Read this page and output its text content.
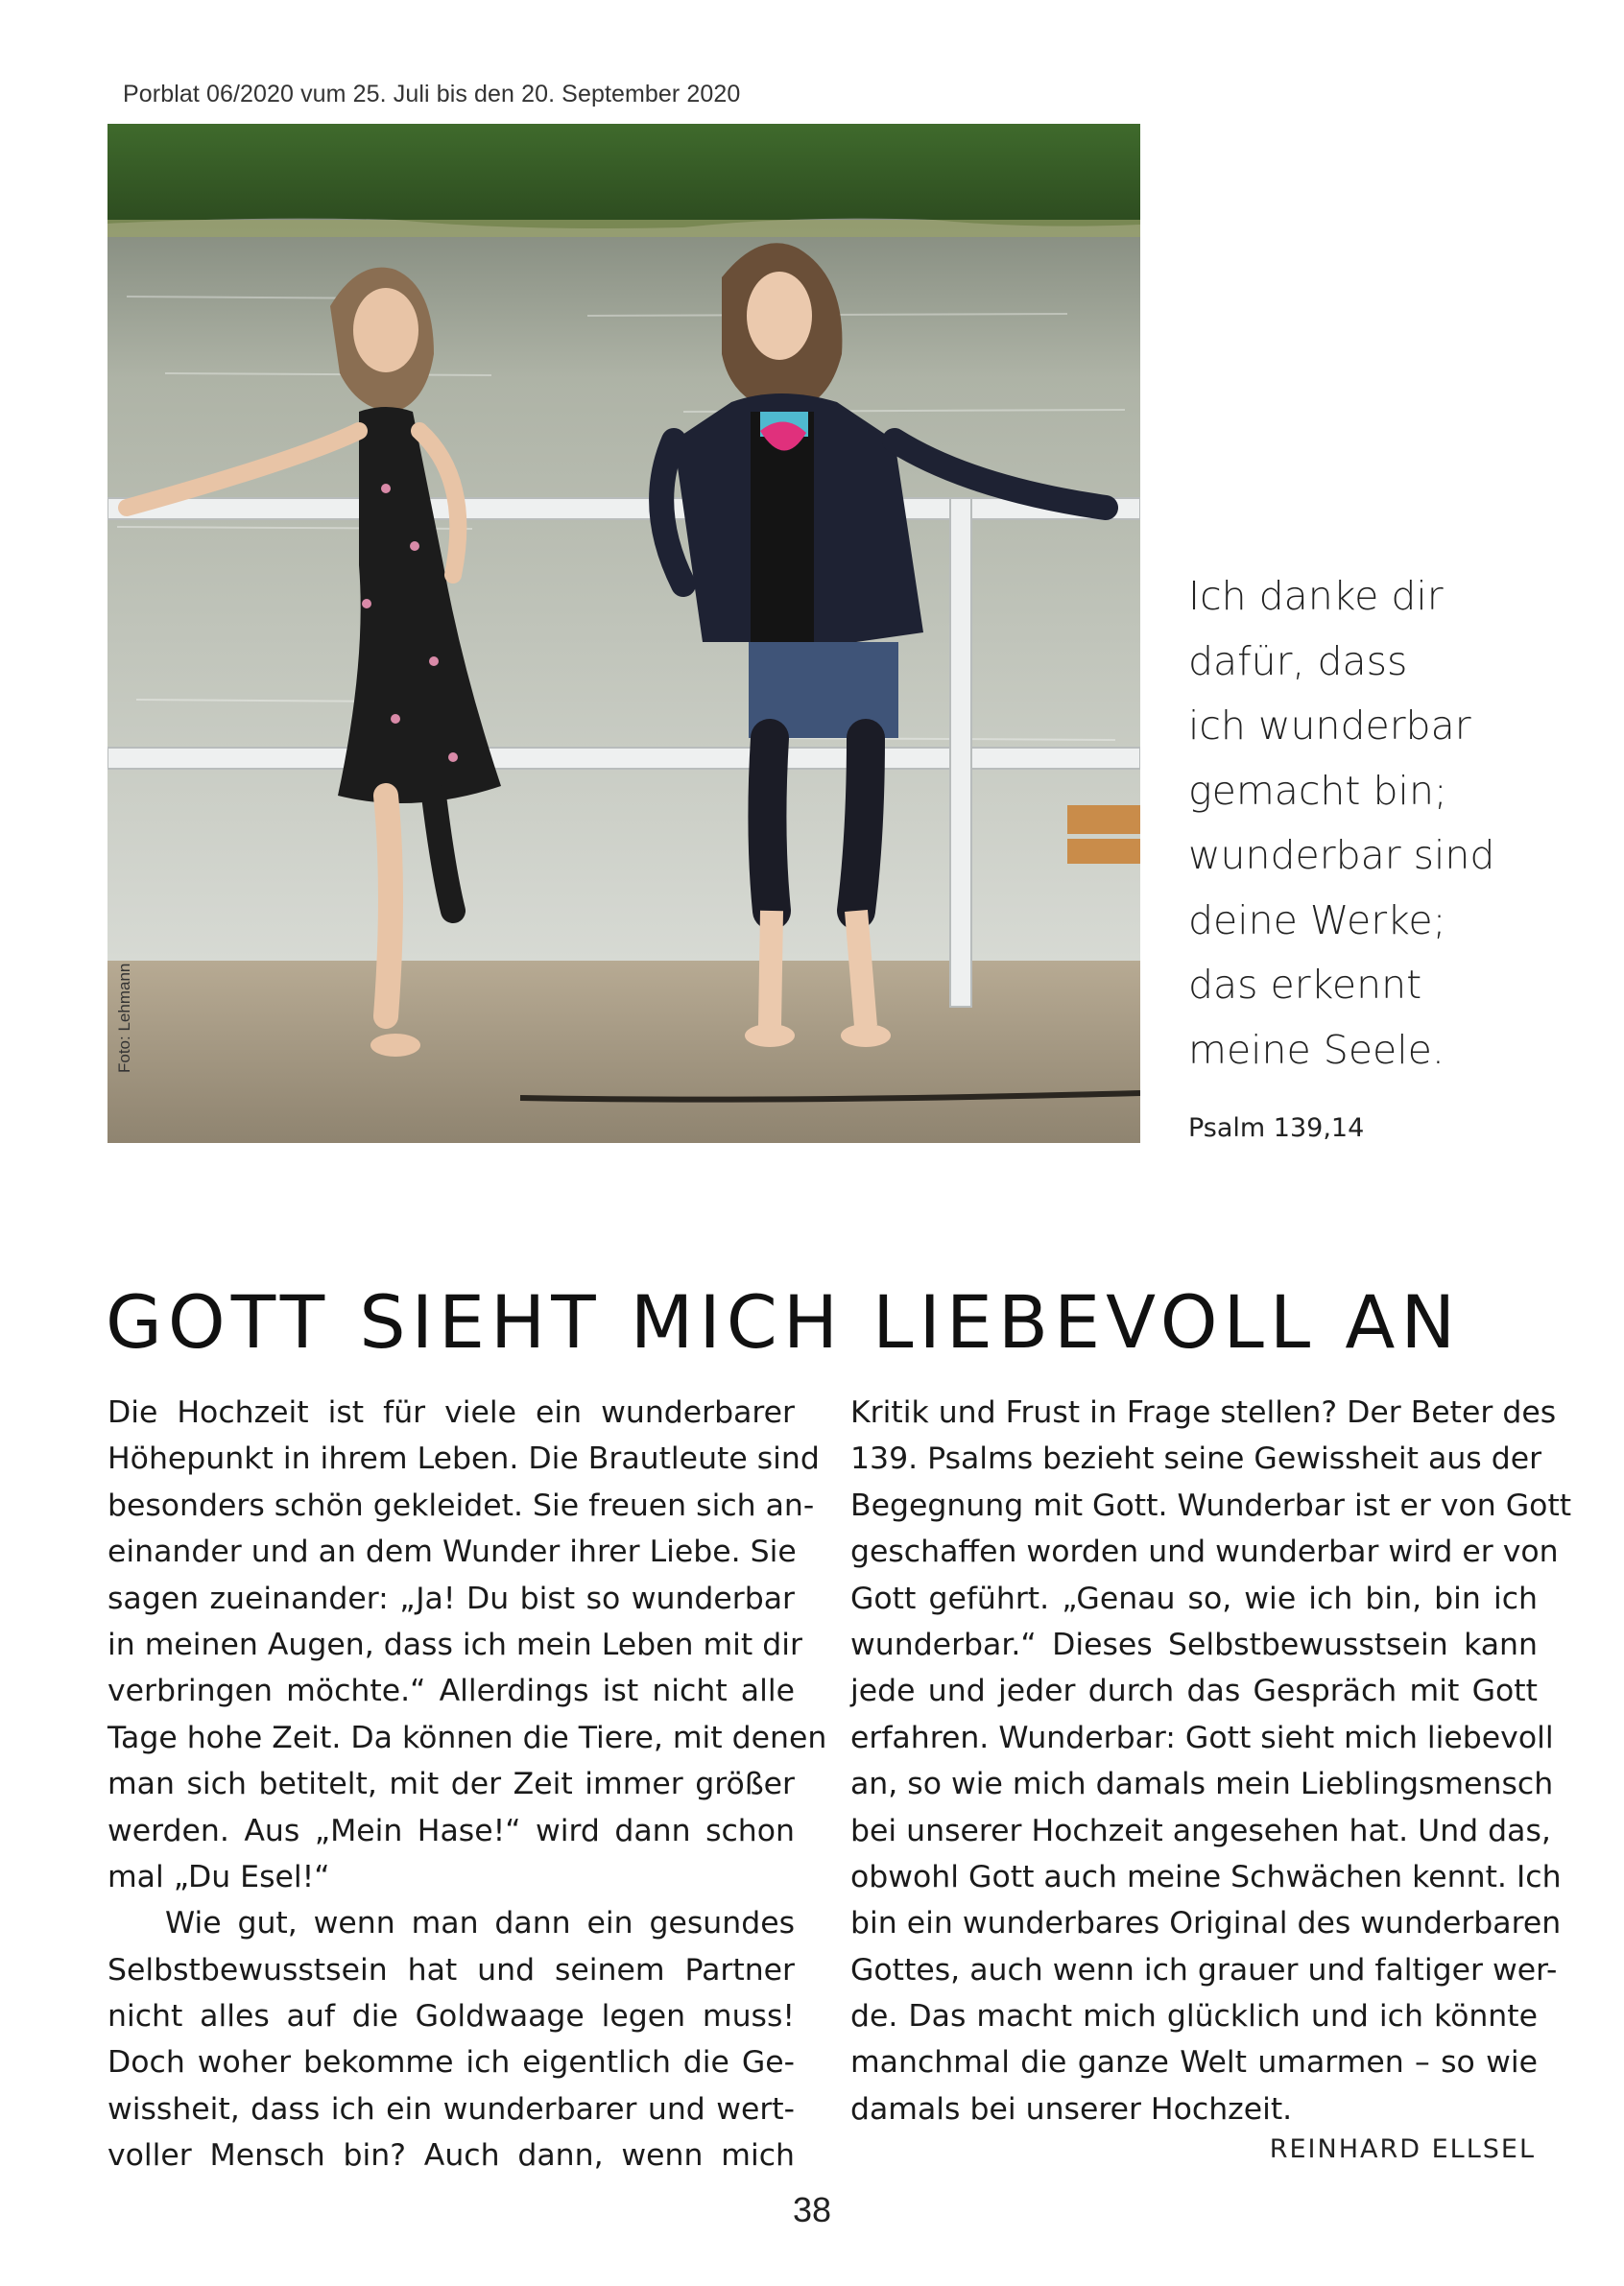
Porblat 06/2020 vum 25. Juli bis den 20. September 2020
Foto: Lehmann
Ich danke dir
dafür, dass
ich wunderbar
gemacht bin;
wunderbar sind
deine Werke;
das erkennt
meine Seele.
Psalm 139,14
GOTT SIEHT MICH LIEBEVOLL AN
Die Hochzeit ist für viele ein wunderbarer
Höhepunkt in ihrem Leben. Die Brautleute sind
besonders schön gekleidet. Sie freuen sich an-
einander und an dem Wunder ihrer Liebe. Sie
sagen zueinander: „Ja! Du bist so wunderbar
in meinen Augen, dass ich mein Leben mit dir
verbringen möchte.“ Allerdings ist nicht alle
Tage hohe Zeit. Da können die Tiere, mit denen
man sich betitelt, mit der Zeit immer größer
werden. Aus „Mein Hase!“ wird dann schon
mal „Du Esel!“
Wie gut, wenn man dann ein gesundes
Selbstbewusstsein hat und seinem Partner
nicht alles auf die Goldwaage legen muss!
Doch woher bekomme ich eigentlich die Ge-
wissheit, dass ich ein wunderbarer und wert-
voller Mensch bin? Auch dann, wenn mich
Kritik und Frust in Frage stellen? Der Beter des
139. Psalms bezieht seine Gewissheit aus der
Begegnung mit Gott. Wunderbar ist er von Gott
geschaffen worden und wunderbar wird er von
Gott geführt. „Genau so, wie ich bin, bin ich
wunderbar.“ Dieses Selbstbewusstsein kann
jede und jeder durch das Gespräch mit Gott
erfahren. Wunderbar: Gott sieht mich liebevoll
an, so wie mich damals mein Lieblingsmensch
bei unserer Hochzeit angesehen hat. Und das,
obwohl Gott auch meine Schwächen kennt. Ich
bin ein wunderbares Original des wunderbaren
Gottes, auch wenn ich grauer und faltiger wer-
de. Das macht mich glücklich und ich könnte
manchmal die ganze Welt umarmen – so wie
damals bei unserer Hochzeit.
REINHARD ELLSEL
38
